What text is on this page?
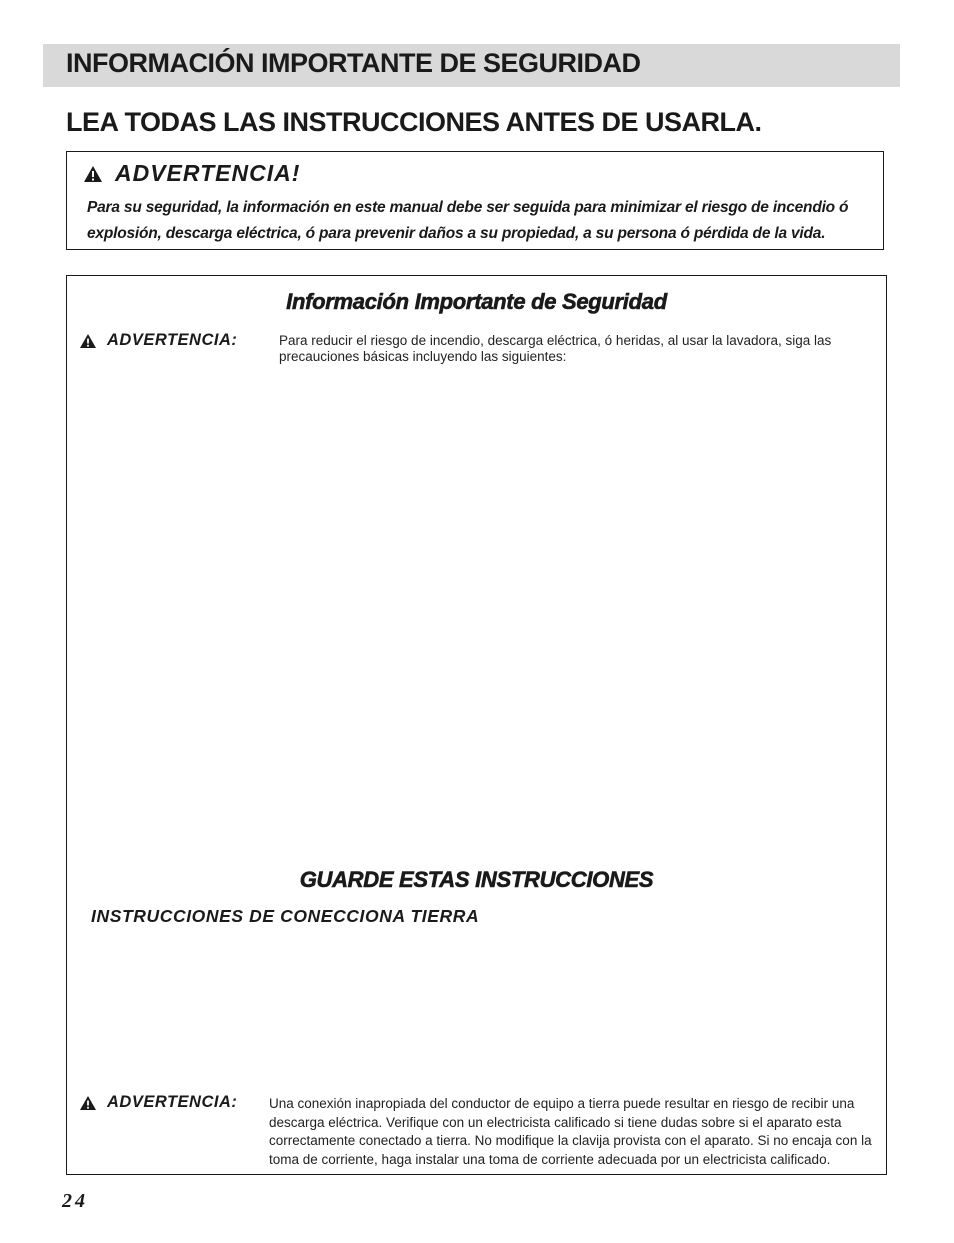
INFORMACIÓN IMPORTANTE DE SEGURIDAD
LEA TODAS LAS INSTRUCCIONES ANTES DE USARLA.
ADVERTENCIA!
Para su seguridad, la información en este manual debe ser seguida para minimizar el riesgo de incendio ó explosión, descarga eléctrica, ó para prevenir daños a su propiedad, a su persona ó pérdida de la vida.
Información Importante de Seguridad
ADVERTENCIA:	Para reducir el riesgo de incendio, descarga eléctrica, ó heridas, al usar la lavadora, siga las precauciones básicas incluyendo las siguientes:
GUARDE ESTAS INSTRUCCIONES
INSTRUCCIONES DE CONECCIONA TIERRA
ADVERTENCIA: Una conexión inapropiada del conductor de equipo a tierra puede resultar en riesgo de recibir una descarga eléctrica. Verifique con un electricista calificado si tiene dudas sobre si el aparato esta correctamente conectado a tierra. No modifique la clavija provista con el aparato. Si no encaja con la toma de corriente, haga instalar una toma de corriente adecuada por un electricista calificado.
24
